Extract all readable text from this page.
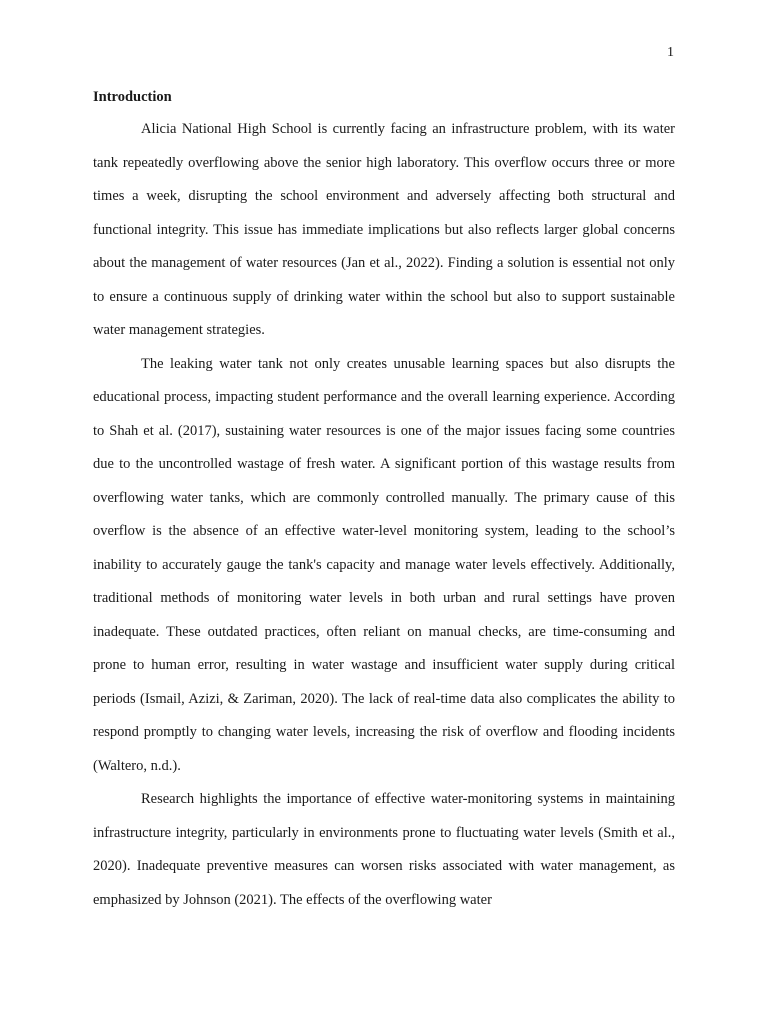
1

Introduction

Alicia National High School is currently facing an infrastructure problem, with its water tank repeatedly overflowing above the senior high laboratory. This overflow occurs three or more times a week, disrupting the school environment and adversely affecting both structural and functional integrity. This issue has immediate implications but also reflects larger global concerns about the management of water resources (Jan et al., 2022). Finding a solution is essential not only to ensure a continuous supply of drinking water within the school but also to support sustainable water management strategies.

The leaking water tank not only creates unusable learning spaces but also disrupts the educational process, impacting student performance and the overall learning experience. According to Shah et al. (2017), sustaining water resources is one of the major issues facing some countries due to the uncontrolled wastage of fresh water. A significant portion of this wastage results from overflowing water tanks, which are commonly controlled manually. The primary cause of this overflow is the absence of an effective water-level monitoring system, leading to the school’s inability to accurately gauge the tank's capacity and manage water levels effectively. Additionally, traditional methods of monitoring water levels in both urban and rural settings have proven inadequate. These outdated practices, often reliant on manual checks, are time-consuming and prone to human error, resulting in water wastage and insufficient water supply during critical periods (Ismail, Azizi, & Zariman, 2020). The lack of real-time data also complicates the ability to respond promptly to changing water levels, increasing the risk of overflow and flooding incidents (Waltero, n.d.).

Research highlights the importance of effective water-monitoring systems in maintaining infrastructure integrity, particularly in environments prone to fluctuating water levels (Smith et al., 2020). Inadequate preventive measures can worsen risks associated with water management, as emphasized by Johnson (2021). The effects of the overflowing water
